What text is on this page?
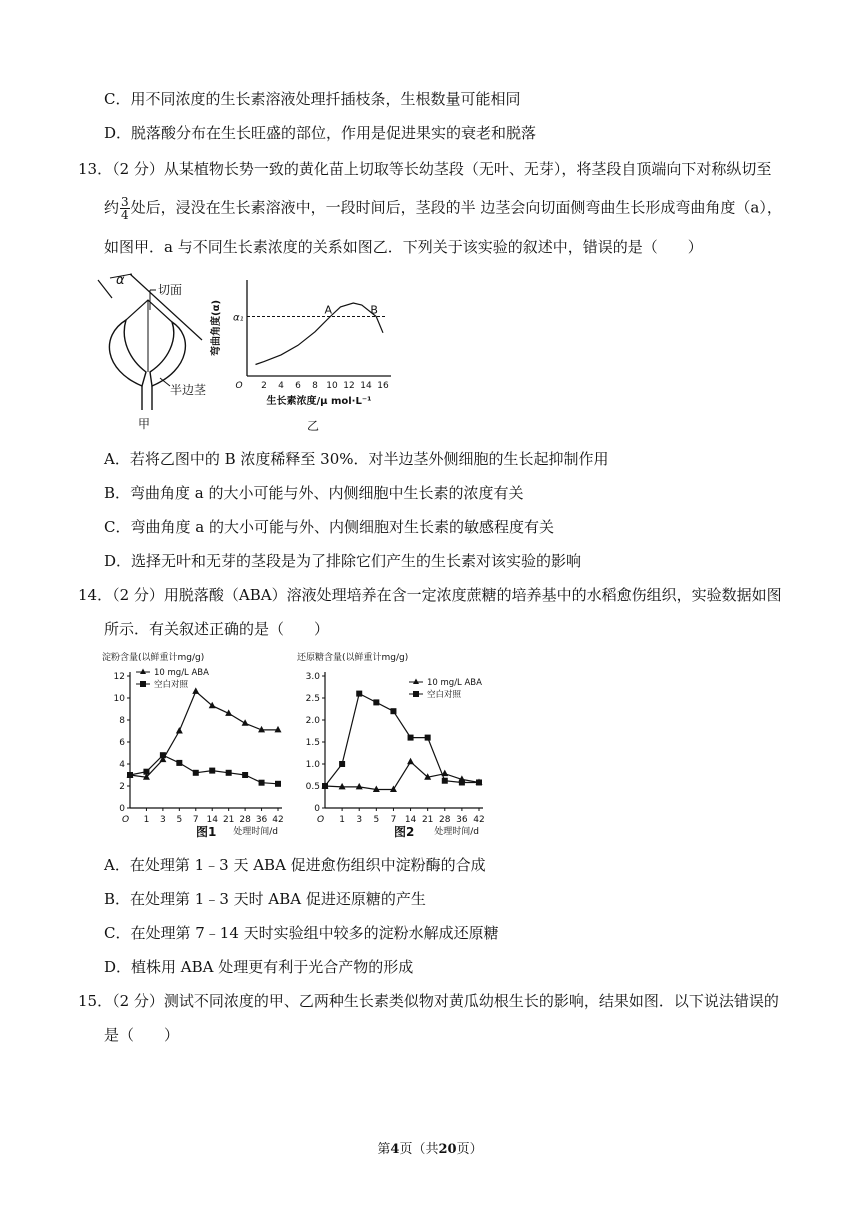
C．用不同浓度的生长素溶液处理扦插枝条，生根数量可能相同
D．脱落酸分布在生长旺盛的部位，作用是促进果实的衰老和脱落
13．（2 分）从某植物长势一致的黄化苗上切取等长幼茎段（无叶、无芽），将茎段自顶端向下对称纵切至
约 $\frac{3}{4}$ 处后，浸没在生长素溶液中，一段时间后，茎段的半 边茎会向切面侧弯曲生长形成弯曲角度（a），
如图甲．a 与不同生长素浓度的关系如图乙．下列关于该实验的叙述中，错误的是（　　）
α
切面
半边茎
甲
O 2 4 6 8 10 12 14 16
生长素浓度/μ mol·L⁻¹
弯曲角度(α) α₁
A	B
乙
A．若将乙图中的 B 浓度稀释至 30%．对半边茎外侧细胞的生长起抑制作用
B．弯曲角度 a 的大小可能与外、内侧细胞中生长素的浓度有关
C．弯曲角度 a 的大小可能与外、内侧细胞对生长素的敏感程度有关
D．选择无叶和无芽的茎段是为了排除它们产生的生长素对该实验的影响
14．（2 分）用脱落酸（ABA）溶液处理培养在含一定浓度蔗糖的培养基中的水稻愈伤组织，实验数据如图
所示．有关叙述正确的是（　　）
淀粉含量(以鲜重计mg/g)
0
2
4
6
8
10
12
O 1 3 5 7 14 21 28 36 42
处理时间/d
图1
10 mg/L ABA
空白对照
还原糖含量(以鲜重计mg/g)
0
0.5
1.0
1.5
2.0
2.5
3.0
O 1 3 5 7 14 21 28 36 42
处理时间/d
图2
10 mg/L ABA
空白对照
A．在处理第 1﹣3 天 ABA 促进愈伤组织中淀粉酶的合成
B．在处理第 1﹣3 天时 ABA 促进还原糖的产生
C．在处理第 7﹣14 天时实验组中较多的淀粉水解成还原糖
D．植株用 ABA 处理更有利于光合产物的形成
15．（2 分）测试不同浓度的甲、乙两种生长素类似物对黄瓜幼根生长的影响，结果如图．以下说法错误的
是（　　）
第4页（共20页）
